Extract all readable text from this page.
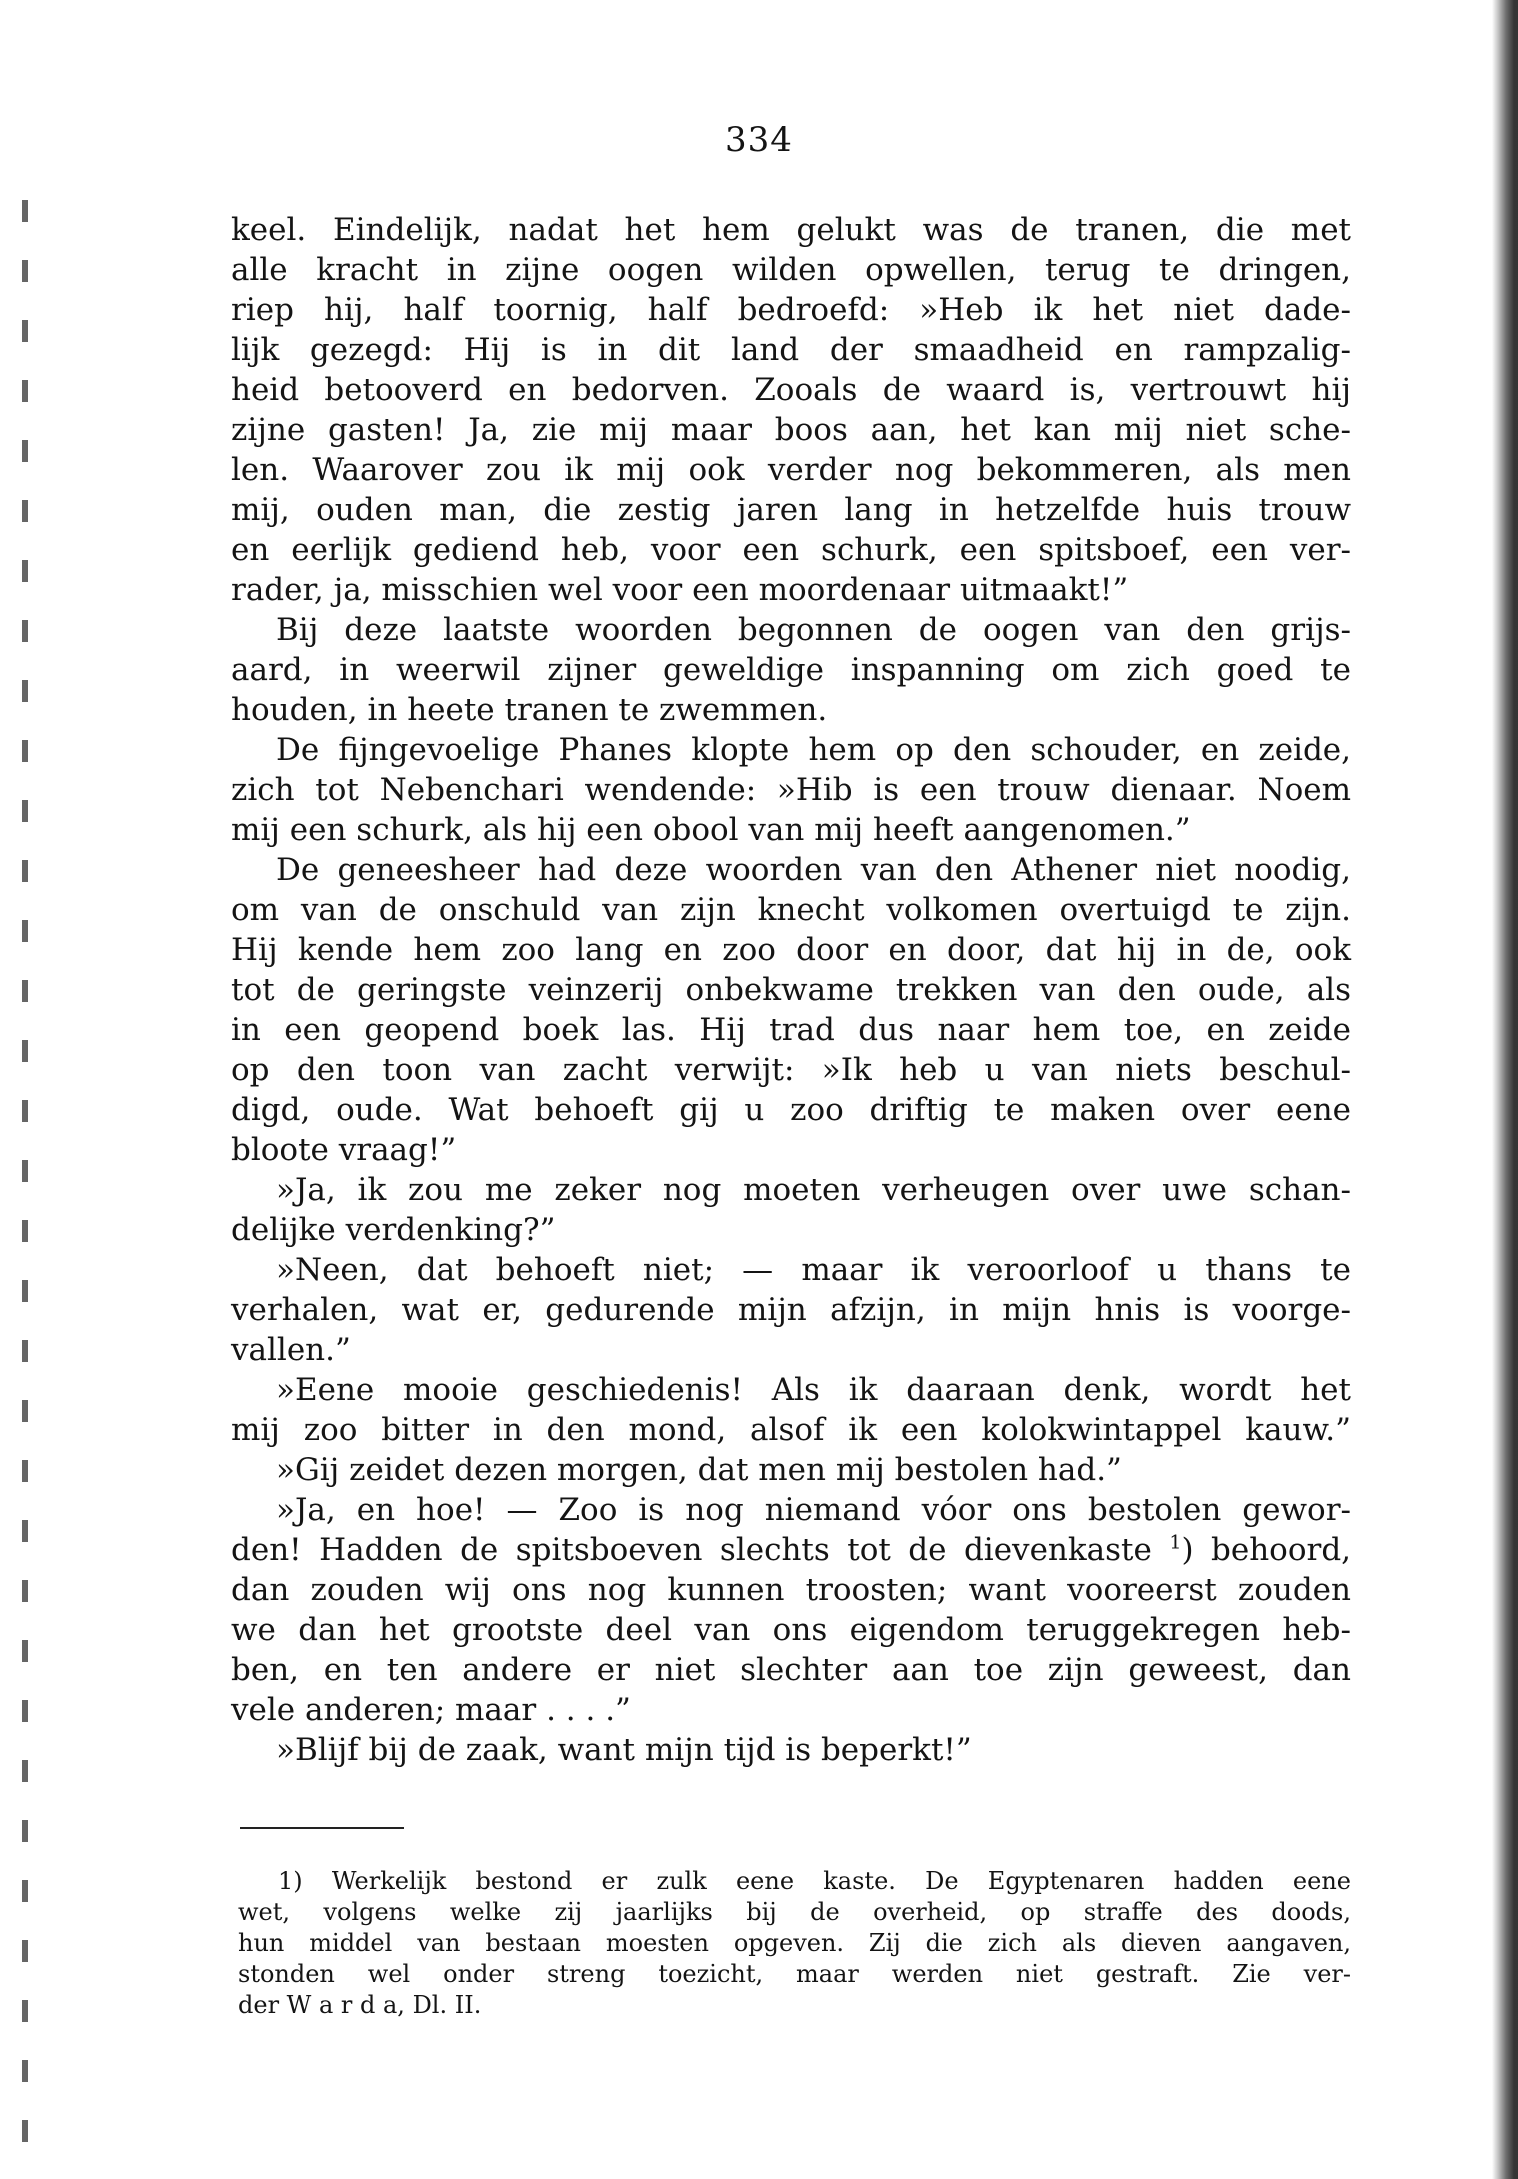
334
keel. Eindelijk, nadat het hem gelukt was de tranen, die met
alle kracht in zijne oogen wilden opwellen, terug te dringen,
riep hij, half toornig, half bedroefd: »Heb ik het niet dade-
lijk gezegd: Hij is in dit land der smaadheid en rampzalig-
heid betooverd en bedorven. Zooals de waard is, vertrouwt hij
zijne gasten! Ja, zie mij maar boos aan, het kan mij niet sche-
len. Waarover zou ik mij ook verder nog bekommeren, als men
mij, ouden man, die zestig jaren lang in hetzelfde huis trouw
en eerlijk gediend heb, voor een schurk, een spitsboef, een ver-
rader, ja, misschien wel voor een moordenaar uitmaakt!”
Bij deze laatste woorden begonnen de oogen van den grijs-
aard, in weerwil zijner geweldige inspanning om zich goed te
houden, in heete tranen te zwemmen.
De fijngevoelige Phanes klopte hem op den schouder, en zeide,
zich tot Nebenchari wendende: »Hib is een trouw dienaar. Noem
mij een schurk, als hij een obool van mij heeft aangenomen.”
De geneesheer had deze woorden van den Athener niet noodig,
om van de onschuld van zijn knecht volkomen overtuigd te zijn.
Hij kende hem zoo lang en zoo door en door, dat hij in de, ook
tot de geringste veinzerij onbekwame trekken van den oude, als
in een geopend boek las. Hij trad dus naar hem toe, en zeide
op den toon van zacht verwijt: »Ik heb u van niets beschul-
digd, oude. Wat behoeft gij u zoo driftig te maken over eene
bloote vraag!”
»Ja, ik zou me zeker nog moeten verheugen over uwe schan-
delijke verdenking?”
»Neen, dat behoeft niet; — maar ik veroorloof u thans te
verhalen, wat er, gedurende mijn afzijn, in mijn hnis is voorge-
vallen.”
»Eene mooie geschiedenis! Als ik daaraan denk, wordt het
mij zoo bitter in den mond, alsof ik een kolokwintappel kauw.”
»Gij zeidet dezen morgen, dat men mij bestolen had.”
»Ja, en hoe! — Zoo is nog niemand vóor ons bestolen gewor-
den! Hadden de spitsboeven slechts tot de dievenkaste $^1$) behoord,
dan zouden wij ons nog kunnen troosten; want vooreerst zouden
we dan het grootste deel van ons eigendom teruggekregen heb-
ben, en ten andere er niet slechter aan toe zijn geweest, dan
vele anderen; maar . . . .”
»Blijf bij de zaak, want mijn tijd is beperkt!”
1) Werkelijk bestond er zulk eene kaste. De Egyptenaren hadden eene
wet, volgens welke zij jaarlijks bij de overheid, op straffe des doods,
hun middel van bestaan moesten opgeven. Zij die zich als dieven aangaven,
stonden wel onder streng toezicht, maar werden niet gestraft. Zie ver-
der W a r d a, Dl. II.
